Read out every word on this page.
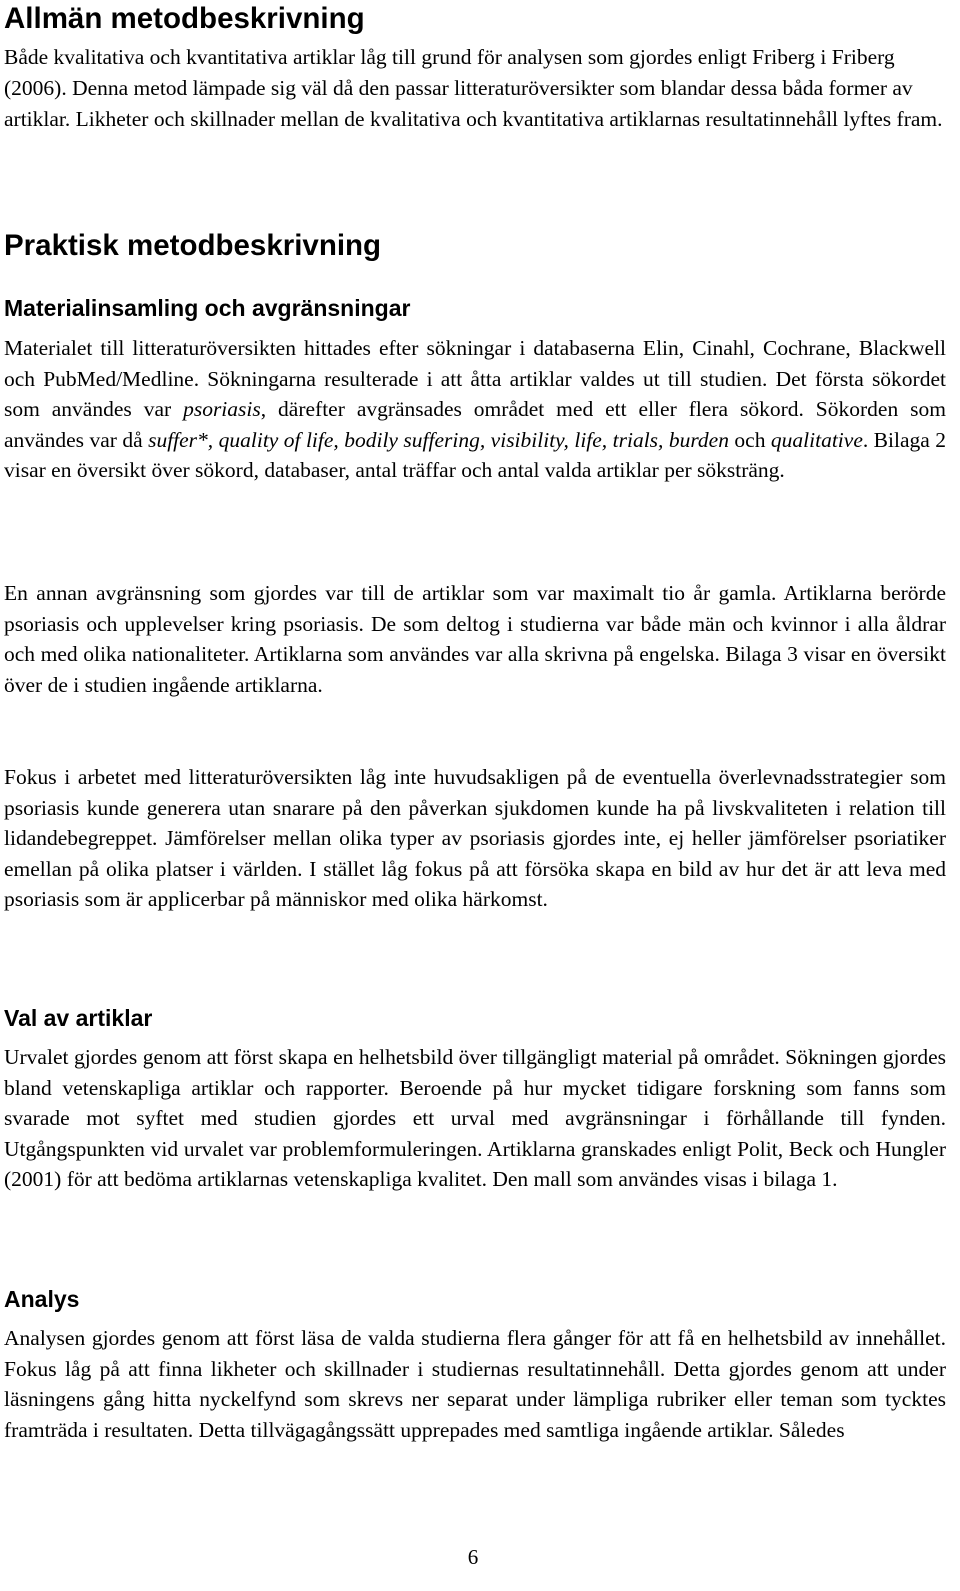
Allmän metodbeskrivning

Både kvalitativa och kvantitativa artiklar låg till grund för analysen som gjordes enligt Friberg i Friberg (2006). Denna metod lämpade sig väl då den passar litteraturöversikter som blandar dessa båda former av artiklar. Likheter och skillnader mellan de kvalitativa och kvantitativa artiklarnas resultatinnehåll lyftes fram.

Praktisk metodbeskrivning
Materialinsamling och avgränsningar

Materialet till litteraturöversikten hittades efter sökningar i databaserna Elin, Cinahl, Cochrane, Blackwell och PubMed/Medline. Sökningarna resulterade i att åtta artiklar valdes ut till studien. Det första sökordet som användes var psoriasis, därefter avgränsades området med ett eller flera sökord. Sökorden som användes var då suffer*, quality of life, bodily suffering, visibility, life, trials, burden och qualitative. Bilaga 2 visar en översikt över sökord, databaser, antal träffar och antal valda artiklar per söksträng.

En annan avgränsning som gjordes var till de artiklar som var maximalt tio år gamla. Artiklarna berörde psoriasis och upplevelser kring psoriasis. De som deltog i studierna var både män och kvinnor i alla åldrar och med olika nationaliteter. Artiklarna som användes var alla skrivna på engelska. Bilaga 3 visar en översikt över de i studien ingående artiklarna.

Fokus i arbetet med litteraturöversikten låg inte huvudsakligen på de eventuella överlevnadsstrategier som psoriasis kunde generera utan snarare på den påverkan sjukdomen kunde ha på livskvaliteten i relation till lidandebegreppet. Jämförelser mellan olika typer av psoriasis gjordes inte, ej heller jämförelser psoriatiker emellan på olika platser i världen. I stället låg fokus på att försöka skapa en bild av hur det är att leva med psoriasis som är applicerbar på människor med olika härkomst.

Val av artiklar

Urvalet gjordes genom att först skapa en helhetsbild över tillgängligt material på området. Sökningen gjordes bland vetenskapliga artiklar och rapporter. Beroende på hur mycket tidigare forskning som fanns som svarade mot syftet med studien gjordes ett urval med avgränsningar i förhållande till fynden. Utgångspunkten vid urvalet var problemformuleringen. Artiklarna granskades enligt Polit, Beck och Hungler (2001) för att bedöma artiklarnas vetenskapliga kvalitet. Den mall som användes visas i bilaga 1.

Analys

Analysen gjordes genom att först läsa de valda studierna flera gånger för att få en helhetsbild av innehållet. Fokus låg på att finna likheter och skillnader i studiernas resultatinnehåll. Detta gjordes genom att under läsningens gång hitta nyckelfynd som skrevs ner separat under lämpliga rubriker eller teman som tycktes framträda i resultaten. Detta tillvägagångssätt upprepades med samtliga ingående artiklar. Således

6
